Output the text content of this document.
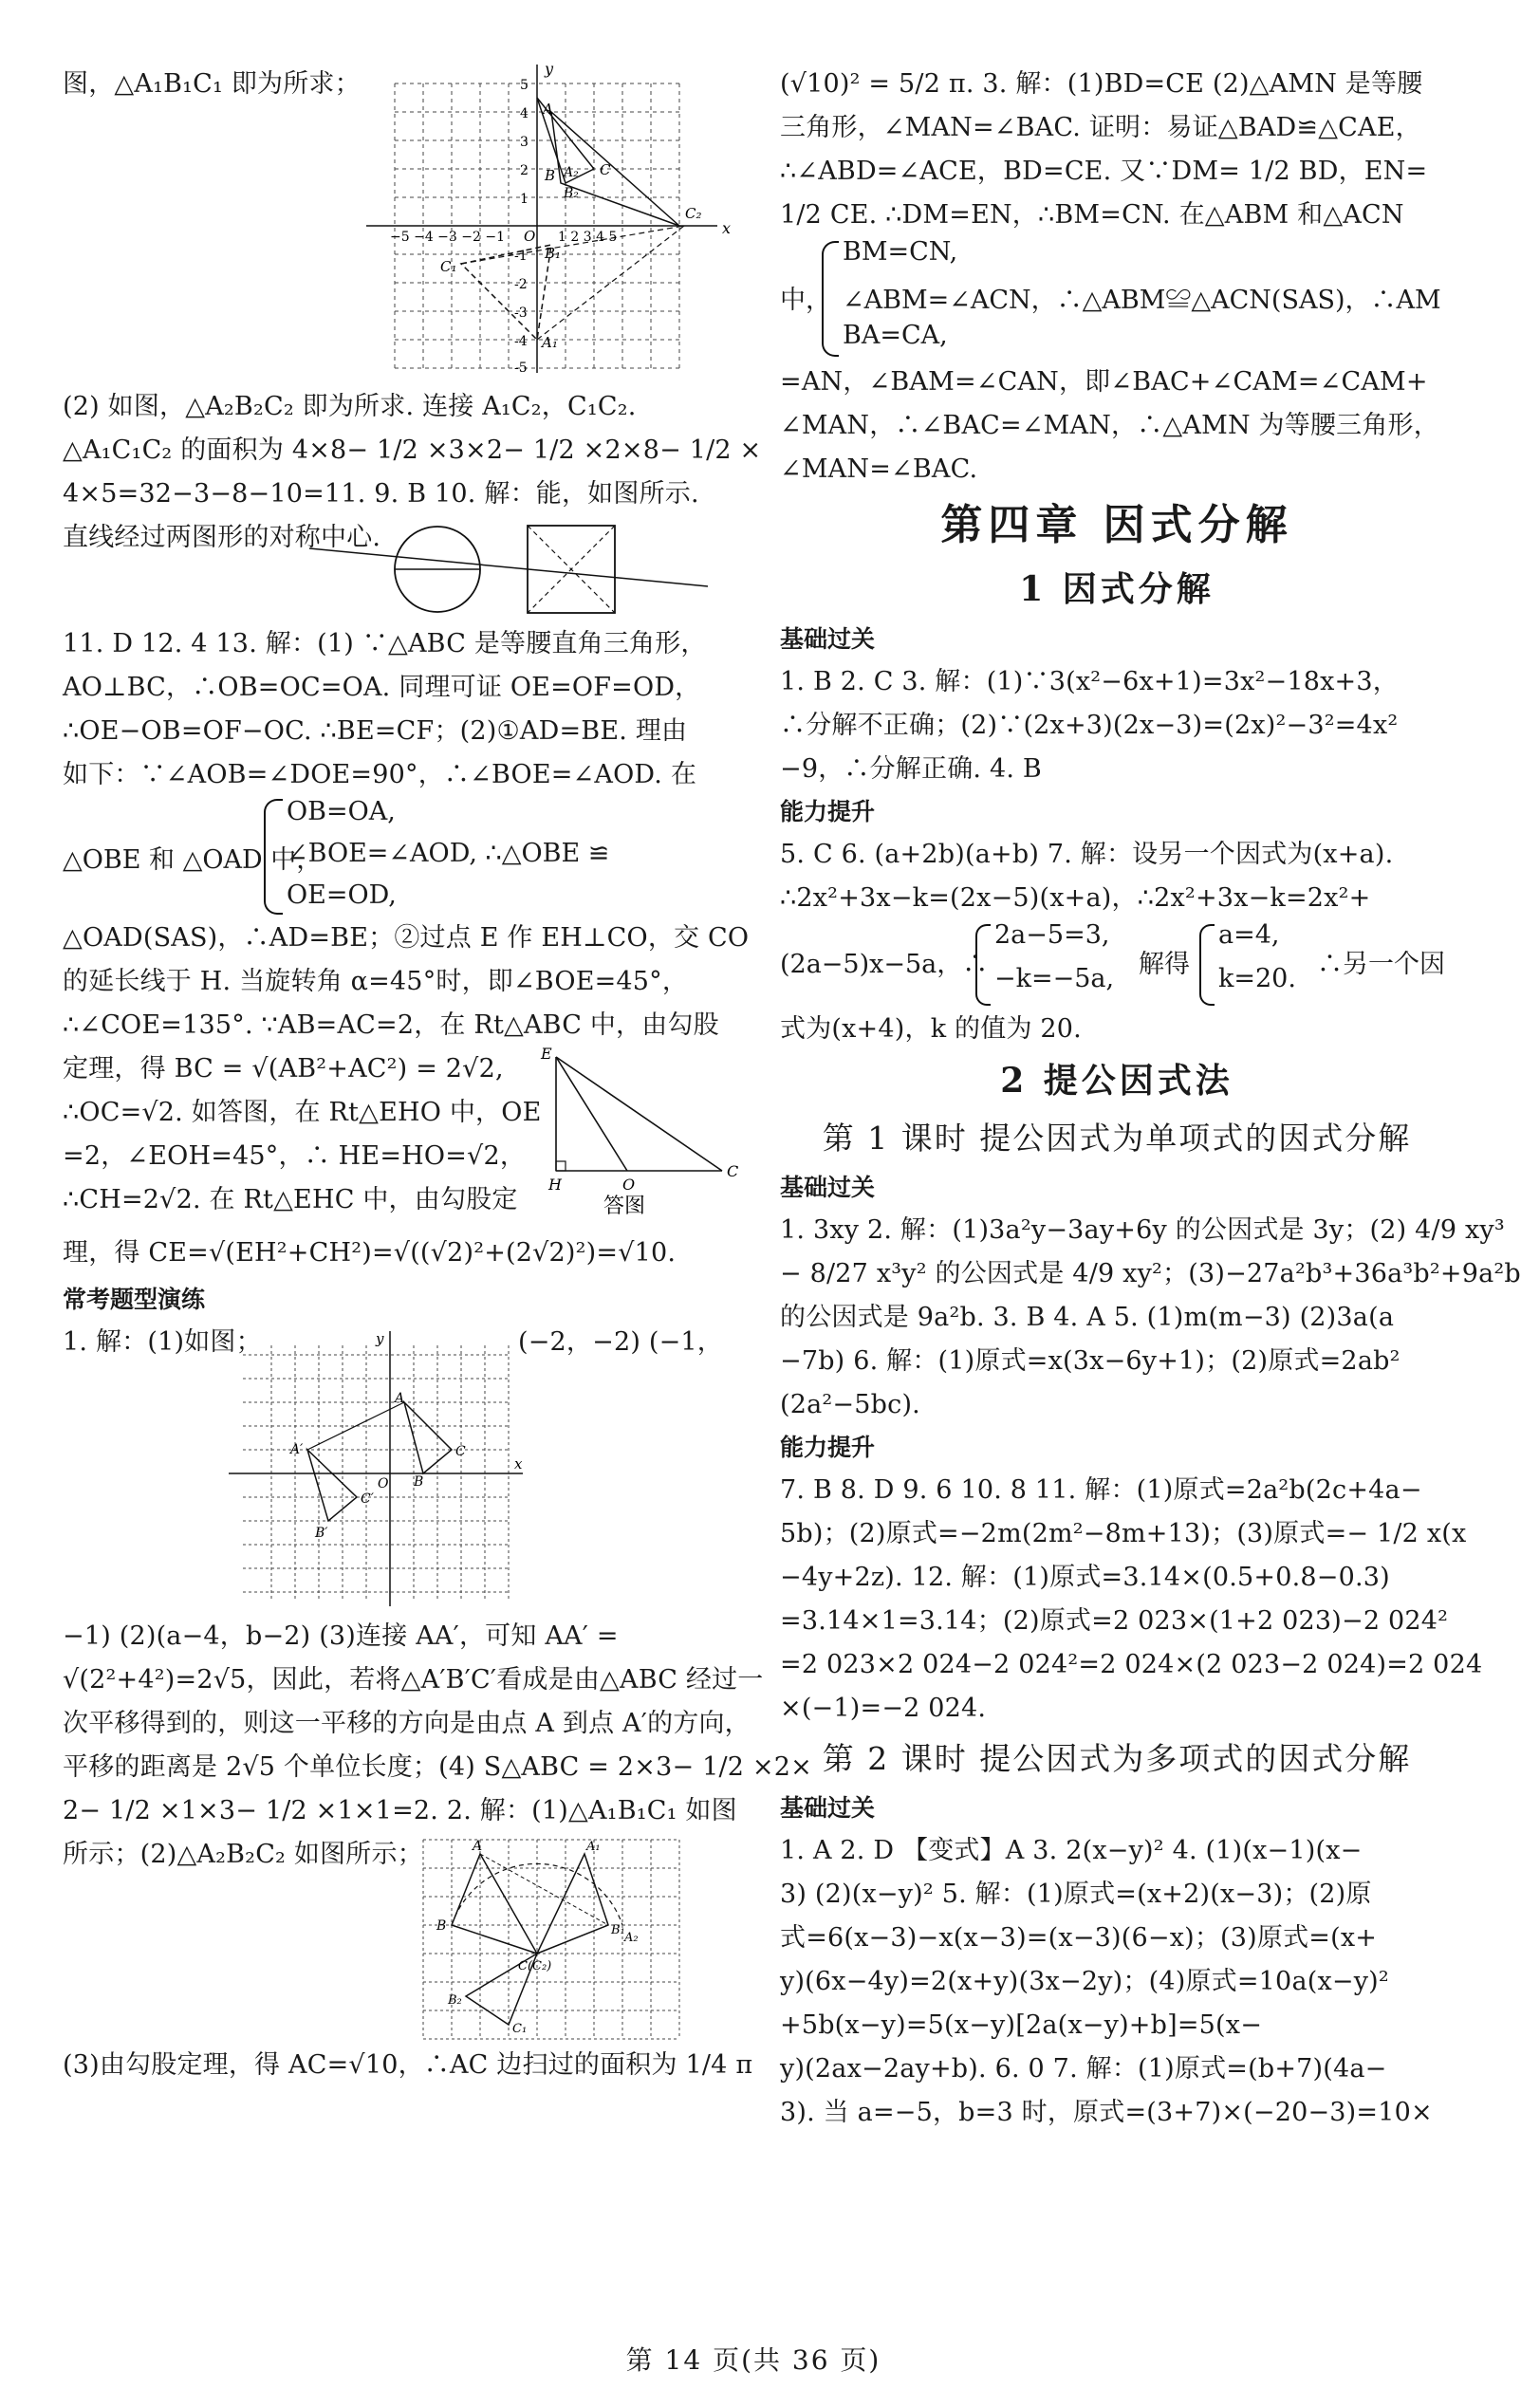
图，△A₁B₁C₁ 即为所求；
y
x
O
−5 −4 −3 −2 −1	1 2 3 4 5
5
4
3
2
1
-1
-2
-3
-4
-5
A
B	C
A₁
B₁
C₁
A₂
B₂
C₂
(2) 如图，△A₂B₂C₂ 即为所求. 连接 A₁C₂，C₁C₂.
△A₁C₁C₂ 的面积为 4×8− 1/2 ×3×2− 1/2 ×2×8− 1/2 ×
4×5=32−3−8−10=11. 9. B 10. 解：能，如图所示.
直线经过两图形的对称中心.
11. D 12. 4 13. 解：(1) ∵△ABC 是等腰直角三角形，
AO⊥BC，∴OB=OC=OA. 同理可证 OE=OF=OD，
∴OE−OB=OF−OC. ∴BE=CF；(2)①AD=BE. 理由
如下：∵∠AOB=∠DOE=90°，∴∠BOE=∠AOD. 在
△OBE 和 △OAD 中，
OB=OA,
∠BOE=∠AOD, ∴△OBE ≌
OE=OD,
△OAD(SAS)，∴AD=BE；②过点 E 作 EH⊥CO，交 CO
的延长线于 H. 当旋转角 α=45°时，即∠BOE=45°，
∴∠COE=135°. ∵AB=AC=2，在 Rt△ABC 中，由勾股
定理，得 BC = √(AB²+AC²) = 2√2,
∴OC=√2. 如答图，在 Rt△EHO 中，OE
=2，∠EOH=45°，∴ HE=HO=√2，
∴CH=2√2. 在 Rt△EHC 中，由勾股定
E
H	O
C
答图
理，得 CE=√(EH²+CH²)=√((√2)²+(2√2)²)=√10.
常考题型演练
1. 解：(1)如图；	(−2，−2) (−1，
y
x
O
A
B
C
A′
B′
C′
−1) (2)(a−4，b−2) (3)连接 AA′，可知 AA′ =
√(2²+4²)=2√5，因此，若将△A′B′C′看成是由△ABC 经过一
次平移得到的，则这一平移的方向是由点 A 到点 A′的方向，
平移的距离是 2√5 个单位长度；(4) S△ABC = 2×3− 1/2 ×2×
2− 1/2 ×1×3− 1/2 ×1×1=2. 2. 解：(1)△A₁B₁C₁ 如图
所示；(2)△A₂B₂C₂ 如图所示；	A
B
C(C₂)
A₁
B₁
C₁
A₂
B₂
(3)由勾股定理，得 AC=√10，∴AC 边扫过的面积为 1/4 π
(√10)² = 5/2 π. 3. 解：(1)BD=CE (2)△AMN 是等腰
三角形，∠MAN=∠BAC. 证明：易证△BAD≌△CAE，
∴∠ABD=∠ACE，BD=CE. 又∵DM= 1/2 BD，EN=
1/2 CE. ∴DM=EN，∴BM=CN. 在△ABM 和△ACN
中，
BM=CN,
∠ABM=∠ACN，∴△ABM≌△ACN(SAS)，∴AM
BA=CA,
=AN，∠BAM=∠CAN，即∠BAC+∠CAM=∠CAM+
∠MAN，∴∠BAC=∠MAN，∴△AMN 为等腰三角形，
∠MAN=∠BAC.
第四章 因式分解
1 因式分解
基础过关
1. B 2. C 3. 解：(1)∵3(x²−6x+1)=3x²−18x+3，
∴分解不正确；(2)∵(2x+3)(2x−3)=(2x)²−3²=4x²
−9，∴分解正确. 4. B
能力提升
5. C 6. (a+2b)(a+b) 7. 解：设另一个因式为(x+a).
∴2x²+3x−k=(2x−5)(x+a)，∴2x²+3x−k=2x²+
(2a−5)x−5a，∴
2a−5=3,
−k=−5a, 解得
a=4,
k=20. ∴另一个因
式为(x+4)，k 的值为 20.
2 提公因式法
第 1 课时 提公因式为单项式的因式分解
基础过关
1. 3xy 2. 解：(1)3a²y−3ay+6y 的公因式是 3y；(2) 4/9 xy³
− 8/27 x³y² 的公因式是 4/9 xy²；(3)−27a²b³+36a³b²+9a²b
的公因式是 9a²b. 3. B 4. A 5. (1)m(m−3) (2)3a(a
−7b) 6. 解：(1)原式=x(3x−6y+1)；(2)原式=2ab²
(2a²−5bc).
能力提升
7. B 8. D 9. 6 10. 8 11. 解：(1)原式=2a²b(2c+4a−
5b)；(2)原式=−2m(2m²−8m+13)；(3)原式=− 1/2 x(x
−4y+2z). 12. 解：(1)原式=3.14×(0.5+0.8−0.3)
=3.14×1=3.14；(2)原式=2 023×(1+2 023)−2 024²
=2 023×2 024−2 024²=2 024×(2 023−2 024)=2 024
×(−1)=−2 024.
第 2 课时 提公因式为多项式的因式分解
基础过关
1. A 2. D 【变式】A 3. 2(x−y)² 4. (1)(x−1)(x−
3) (2)(x−y)² 5. 解：(1)原式=(x+2)(x−3)；(2)原
式=6(x−3)−x(x−3)=(x−3)(6−x)；(3)原式=(x+
y)(6x−4y)=2(x+y)(3x−2y)；(4)原式=10a(x−y)²
+5b(x−y)=5(x−y)[2a(x−y)+b]=5(x−
y)(2ax−2ay+b). 6. 0 7. 解：(1)原式=(b+7)(4a−
3). 当 a=−5，b=3 时，原式=(3+7)×(−20−3)=10×
第 14 页(共 36 页)
